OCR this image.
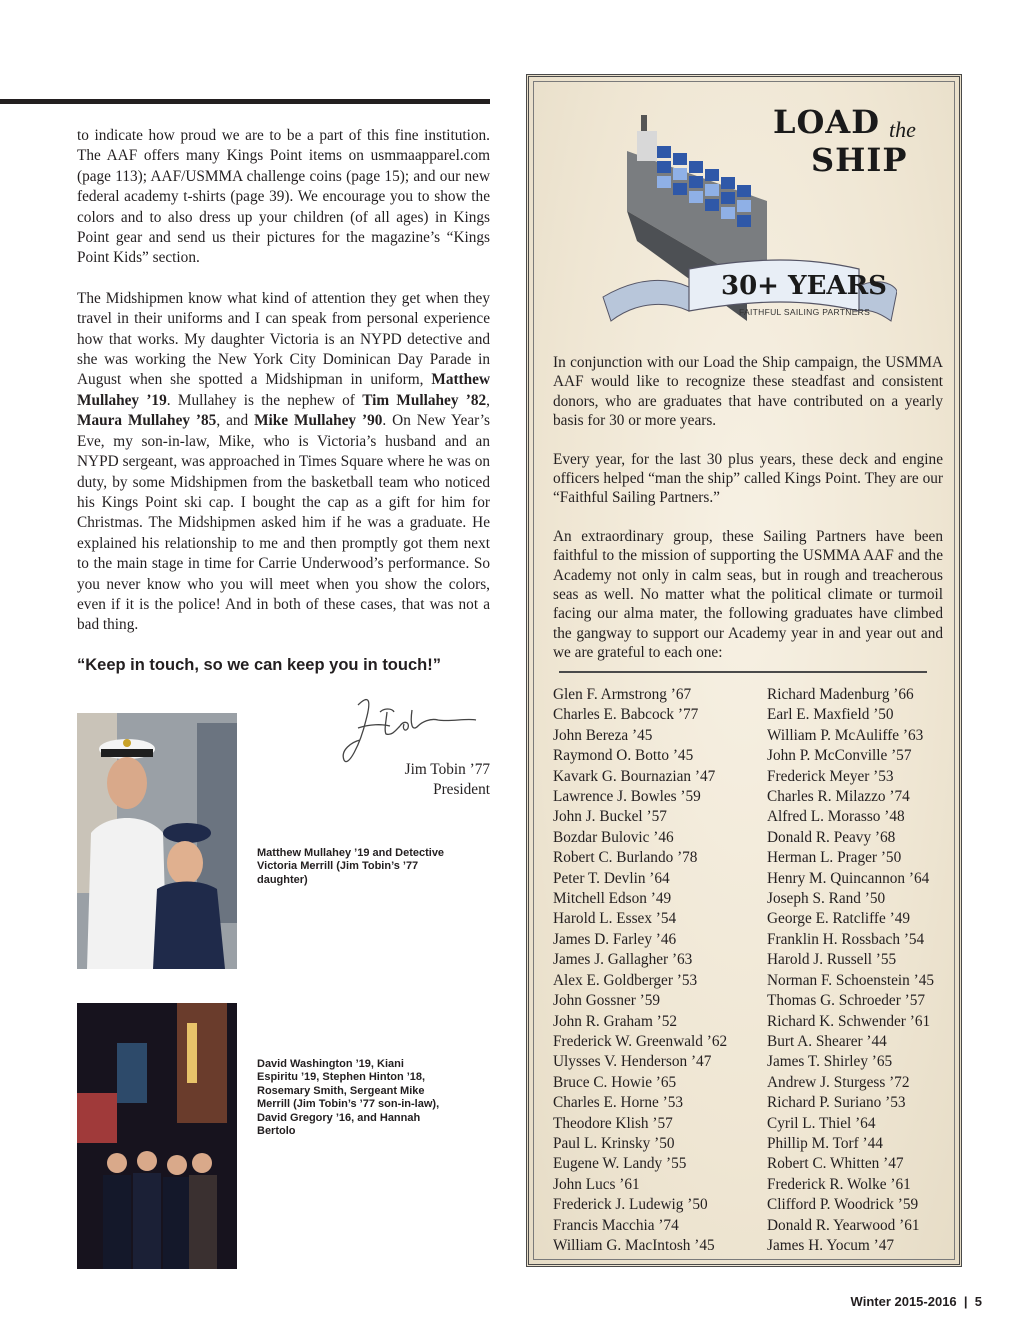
to indicate how proud we are to be a part of this fine institution. The AAF offers many Kings Point items on usmmaapparel.com (page 113); AAF/USMMA challenge coins (page 15); and our new federal academy t-shirts (page 39). We encourage you to show the colors and to also dress up your children (of all ages) in Kings Point gear and send us their pictures for the magazine’s “Kings Point Kids” section.

The Midshipmen know what kind of attention they get when they travel in their uniforms and I can speak from personal experience how that works. My daughter Victoria is an NYPD detective and she was working the New York City Dominican Day Parade in August when she spotted a Midshipman in uniform, Matthew Mullahey ’19. Mullahey is the nephew of Tim Mullahey ’82, Maura Mullahey ’85, and Mike Mullahey ’90. On New Year’s Eve, my son-in-law, Mike, who is Victoria’s husband and an NYPD sergeant, was approached in Times Square where he was on duty, by some Midshipmen from the basketball team who noticed his Kings Point ski cap. I bought the cap as a gift for him for Christmas. The Midshipmen asked him if he was a graduate. He explained his relationship to me and then promptly got them next to the main stage in time for Carrie Underwood’s performance. So you never know who you will meet when you show the colors, even if it is the police! And in both of these cases, that was not a bad thing.

“Keep in touch, so we can keep you in touch!”
Jim Tobin ’77
President
Matthew Mullahey ’19 and Detective Victoria Merrill (Jim Tobin’s ’77 daughter)
David Washington ’19, Kiani Espiritu ’19, Stephen Hinton ’18, Rosemary Smith, Sergeant Mike Merrill (Jim Tobin’s ’77 son-in-law), David Gregory ’16, and Hannah Bertolo
LOAD the
SHIP
30+ YEARS
FAITHFUL SAILING PARTNERS

In conjunction with our Load the Ship campaign, the USMMA AAF would like to recognize these steadfast and consistent donors, who are graduates that have contributed on a yearly basis for 30 or more years.

Every year, for the last 30 plus years, these deck and engine officers helped “man the ship” called Kings Point. They are our “Faithful Sailing Partners.”

An extraordinary group, these Sailing Partners have been faithful to the mission of supporting the USMMA AAF and the Academy not only in calm seas, but in rough and treacherous seas as well. No matter what the political climate or turmoil facing our alma mater, the following graduates have climbed the gangway to support our Academy year in and year out and we are grateful to each one:

Glen F. Armstrong ’67
Charles E. Babcock ’77
John Bereza ’45
Raymond O. Botto ’45
Kavark G. Bournazian ’47
Lawrence J. Bowles ’59
John J. Buckel ’57
Bozdar Bulovic ’46
Robert C. Burlando ’78
Peter T. Devlin ’64
Mitchell Edson ’49
Harold L. Essex ’54
James D. Farley ’46
James J. Gallagher ’63
Alex E. Goldberger ’53
John Gossner ’59
John R. Graham ’52
Frederick W. Greenwald ’62
Ulysses V. Henderson ’47
Bruce C. Howie ’65
Charles E. Horne ’53
Theodore Klish ’57
Paul L. Krinsky ’50
Eugene W. Landy ’55
John Lucs ’61
Frederick J. Ludewig ’50
Francis Macchia ’74
William G. MacIntosh ’45
Richard Madenburg ’66
Earl E. Maxfield ’50
William P. McAuliffe ’63
John P. McConville ’57
Frederick Meyer ’53
Charles R. Milazzo ’74
Alfred L. Morasso ’48
Donald R. Peavy ’68
Herman L. Prager ’50
Henry M. Quincannon ’64
Joseph S. Rand ’50
George E. Ratcliffe ’49
Franklin H. Rossbach ’54
Harold J. Russell ’55
Norman F. Schoenstein ’45
Thomas G. Schroeder ’57
Richard K. Schwender ’61
Burt A. Shearer ’44
James T. Shirley ’65
Andrew J. Sturgess ’72
Richard P. Suriano ’53
Cyril L. Thiel ’64
Phillip M. Torf ’44
Robert C. Whitten ’47
Frederick R. Wolke ’61
Clifford P. Woodrick ’59
Donald R. Yearwood ’61
James H. Yocum ’47
Winter 2015-2016 | 5
